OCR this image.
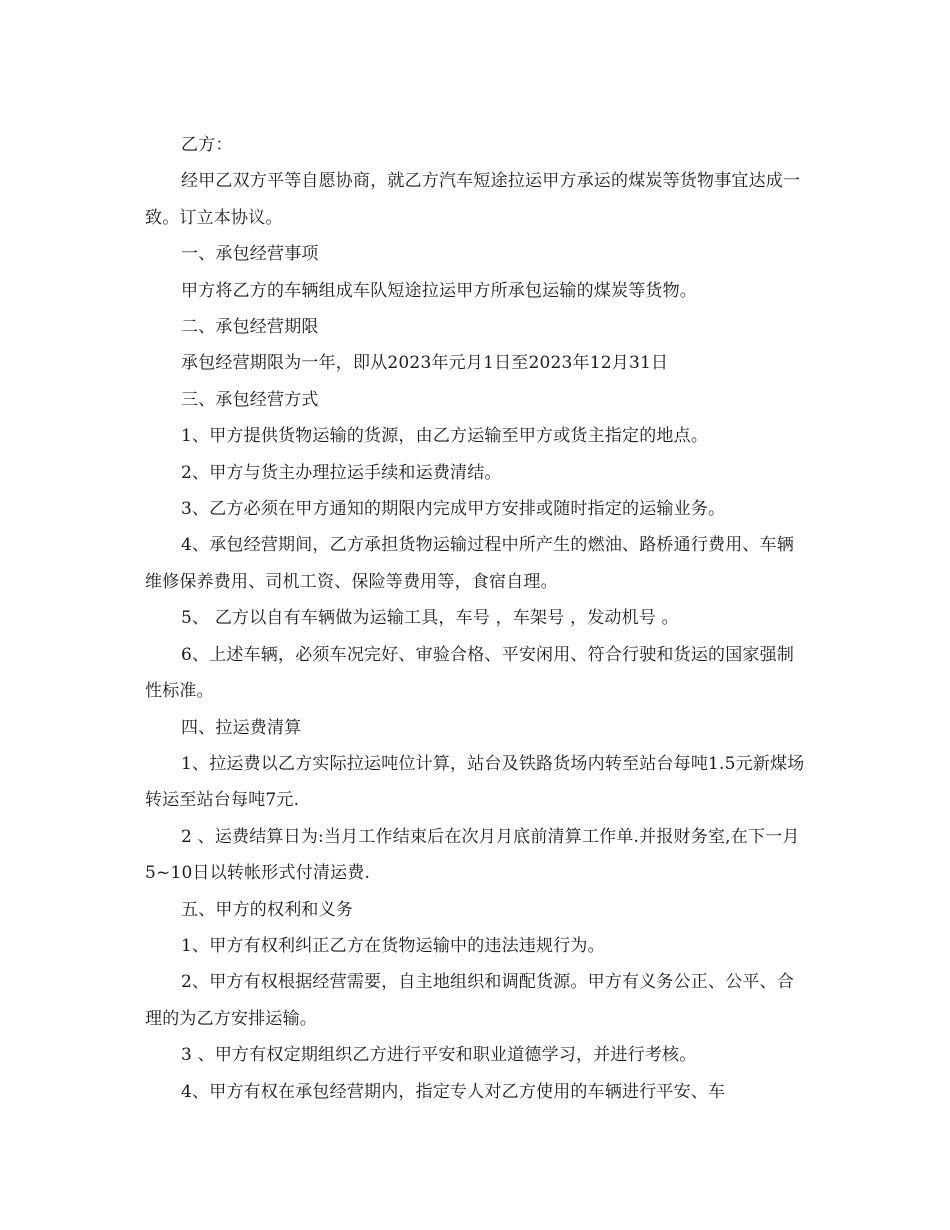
乙方：

经甲乙双方平等自愿协商，就乙方汽车短途拉运甲方承运的煤炭等货物事宜达成一致。订立本协议。

一、承包经营事项

甲方将乙方的车辆组成车队短途拉运甲方所承包运输的煤炭等货物。

二、承包经营期限

承包经营期限为一年，即从2023年元月1日至2023年12月31日

三、承包经营方式

1、甲方提供货物运输的货源，由乙方运输至甲方或货主指定的地点。

2、甲方与货主办理拉运手续和运费清结。

3、乙方必须在甲方通知的期限内完成甲方安排或随时指定的运输业务。

4、承包经营期间，乙方承担货物运输过程中所产生的燃油、路桥通行费用、车辆维修保养费用、司机工资、保险等费用等，食宿自理。

5、 乙方以自有车辆做为运输工具，车号 ，车架号 ，发动机号 。

6、上述车辆，必须车况完好、审验合格、平安闲用、符合行驶和货运的国家强制性标准。

四、拉运费清算

1、拉运费以乙方实际拉运吨位计算，站台及铁路货场内转至站台每吨1.5元新煤场转运至站台每吨7元.

2 、运费结算日为:当月工作结束后在次月月底前清算工作单.并报财务室,在下一月5~10日以转帐形式付清运费.

五、甲方的权利和义务

1、甲方有权利纠正乙方在货物运输中的违法违规行为。

2、甲方有权根据经营需要，自主地组织和调配货源。甲方有义务公正、公平、合理的为乙方安排运输。

3 、甲方有权定期组织乙方进行平安和职业道德学习，并进行考核。

4、甲方有权在承包经营期内，指定专人对乙方使用的车辆进行平安、车
